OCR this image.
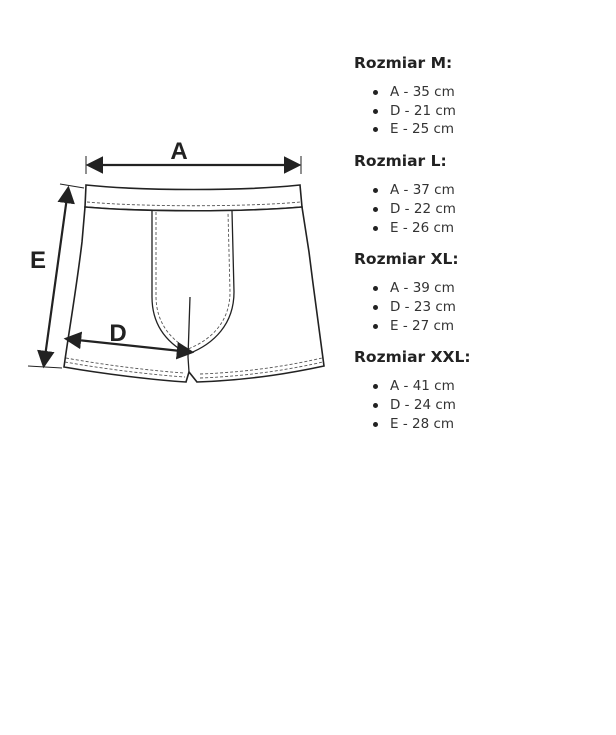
A
E
D
Rozmiar M:
A - 35 cm
D - 21 cm
E - 25 cm
Rozmiar L:
A - 37 cm
D - 22 cm
E - 26 cm
Rozmiar XL:
A - 39 cm
D - 23 cm
E - 27 cm
Rozmiar XXL:
A - 41 cm
D - 24 cm
E - 28 cm
